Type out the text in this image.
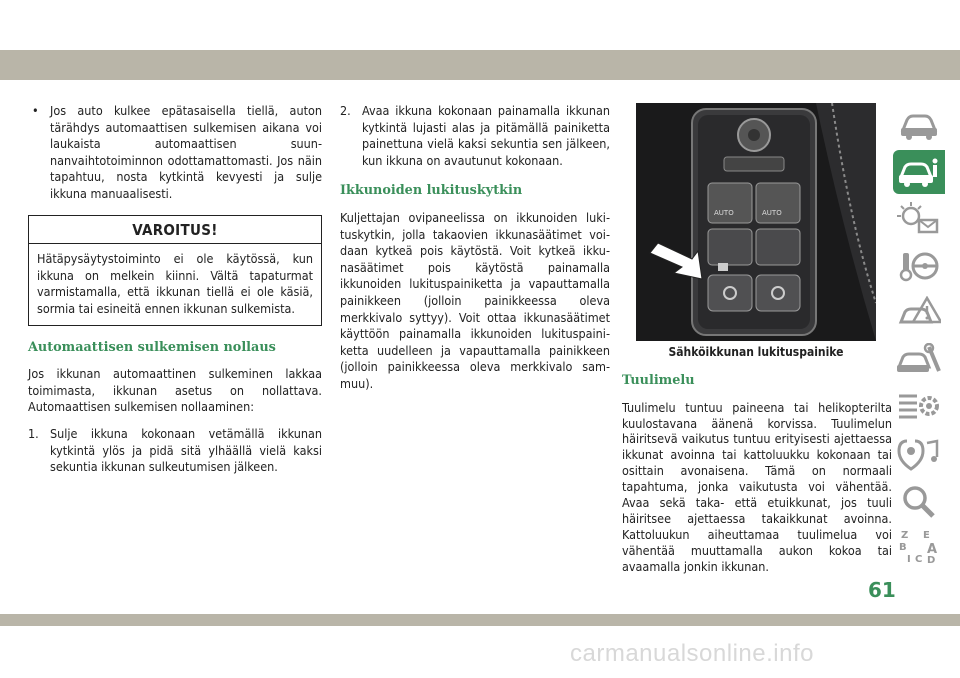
• Jos auto kulkee epätasaisella tiellä, auton tärähdys automaattisen sulkemisen aikana voi laukaista automaattisen suunnanvaihtotoiminnon odottamattomasti. Jos näin tapahtuu, nosta kytkintä kevyesti ja sulje ikkuna manuaalisesti.

VAROITUS!

Hätäpysäytystoiminto ei ole käytössä, kun ikkuna on melkein kiinni. Vältä tapaturmat varmistamalla, että ikkunan tiellä ei ole käsiä, sormia tai esineitä ennen ikkunan sulkemista.

Automaattisen sulkemisen nollaus

Jos ikkunan automaattinen sulkeminen lakkaa toimimasta, ikkunan asetus on nollattava. Automaattisen sulkemisen nollaaminen:

1. Sulje ikkuna kokonaan vetämällä ikkunan kytkintä ylös ja pidä sitä ylhäällä vielä kaksi sekuntia ikkunan sulkeutumisen jälkeen.

2. Avaa ikkuna kokonaan painamalla ikkunan kytkintä lujasti alas ja pitämällä painiketta painettuna vielä kaksi sekuntia sen jälkeen, kun ikkuna on avautunut kokonaan.

Ikkunoiden lukituskytkin

Kuljettajan ovipaneelissa on ikkunoiden lukituskytkin, jolla takaovien ikkunasäätimet voidaan kytkeä pois käytöstä. Voit kytkeä ikkunasäätimet pois käytöstä painamalla ikkunoiden lukituspainiketta ja vapauttamalla painikkeen (jolloin painikkeessa oleva merkkivalo syttyy). Voit ottaa ikkunasäätimet käyttöön painamalla ikkunoiden lukituspainiketta uudelleen ja vapauttamalla painikkeen (jolloin painikkeessa oleva merkkivalo sammuu).

AUTO	AUTO
Sähköikkunan lukituspainike
Tuulimelu

Tuulimelu tuntuu paineena tai helikopterilta kuulostavana äänenä korvissa. Tuulimelun häiritsevä vaikutus tuntuu erityisesti ajettaessa ikkunat avoinna tai kattoluukku kokonaan tai osittain avonaisena. Tämä on normaali tapahtuma, jonka vaikutusta voi vähentää. Avaa sekä taka- että etuikkunat, jos tuuli häiritsee ajettaessa takaikkunat avoinna. Kattoluukun aiheuttamaa tuulimelua voi vähentää muuttamalla aukon kokoa tai avaamalla jonkin ikkunan.

Z E
B A
I C D
61
carmanualsonline.info
